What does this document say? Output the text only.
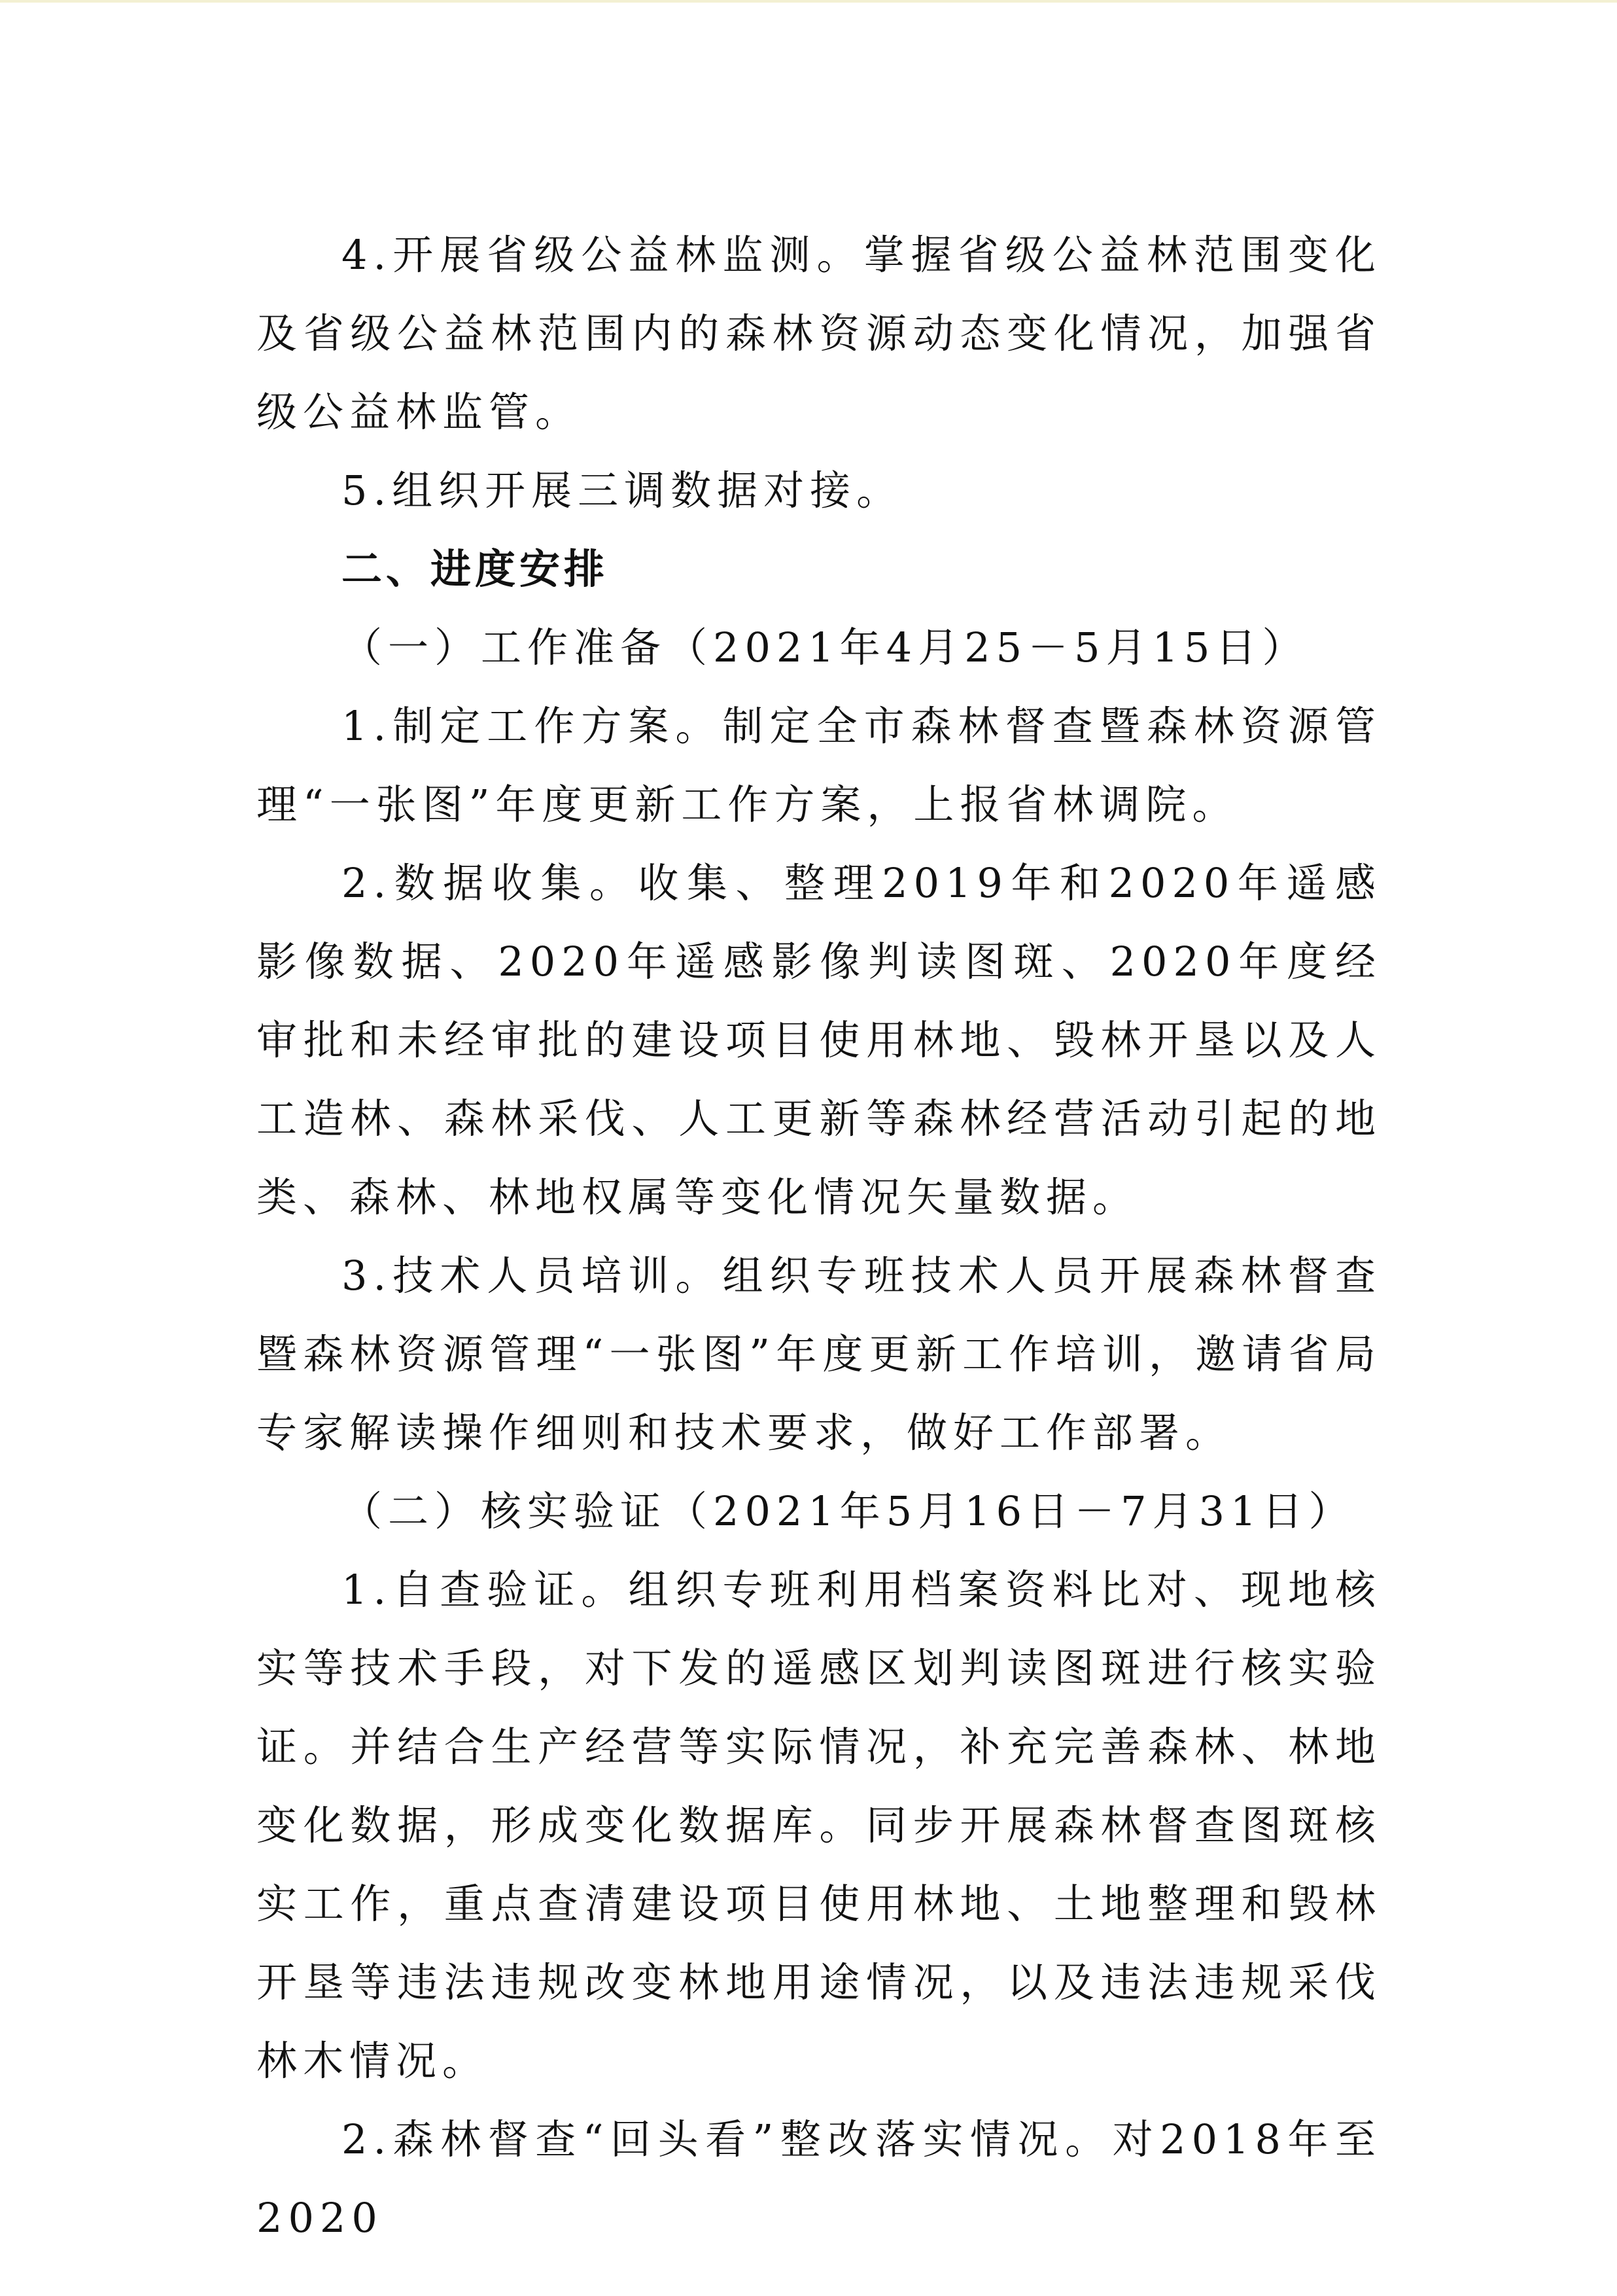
4.开展省级公益林监测。掌握省级公益林范围变化及省级公益林范围内的森林资源动态变化情况，加强省级公益林监管。

5.组织开展三调数据对接。

二、进度安排

（一）工作准备（2021年4月25－5月15日）

1.制定工作方案。制定全市森林督查暨森林资源管理“一张图”年度更新工作方案，上报省林调院。

2.数据收集。收集、整理2019年和2020年遥感影像数据、2020年遥感影像判读图斑、2020年度经审批和未经审批的建设项目使用林地、毁林开垦以及人工造林、森林采伐、人工更新等森林经营活动引起的地类、森林、林地权属等变化情况矢量数据。

3.技术人员培训。组织专班技术人员开展森林督查暨森林资源管理“一张图”年度更新工作培训，邀请省局专家解读操作细则和技术要求，做好工作部署。

（二）核实验证（2021年5月16日－7月31日）

1.自查验证。组织专班利用档案资料比对、现地核实等技术手段，对下发的遥感区划判读图斑进行核实验证。并结合生产经营等实际情况，补充完善森林、林地变化数据，形成变化数据库。同步开展森林督查图斑核实工作，重点查清建设项目使用林地、土地整理和毁林开垦等违法违规改变林地用途情况，以及违法违规采伐林木情况。

2.森林督查“回头看”整改落实情况。对2018年至2020
